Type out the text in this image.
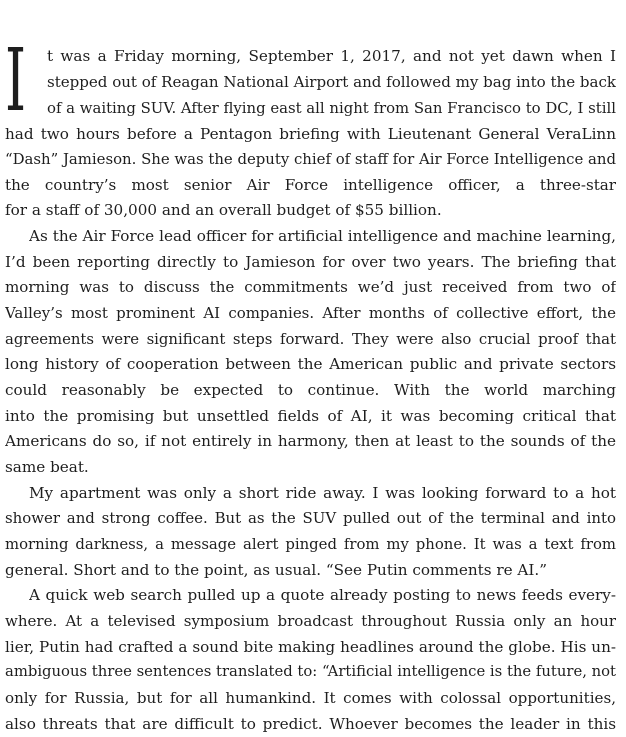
I t was a Friday morning, September 1, 2017, and not yet dawn when I
stepped out of Reagan National Airport and followed my bag into the back
of a waiting SUV. After flying east all night from San Francisco to DC, I still
had two hours before a Pentagon briefing with Lieutenant General VeraLinn
“Dash” Jamieson. She was the deputy chief of staff for Air Force Intelligence and
the country’s most senior Air Force intelligence officer, a three-star
for a staff of 30,000 and an overall budget of $55 billion.
As the Air Force lead officer for artificial intelligence and machine learning,
I’d been reporting directly to Jamieson for over two years. The briefing that
morning was to discuss the commitments we’d just received from two of
Valley’s most prominent AI companies. After months of collective effort, the
agreements were significant steps forward. They were also crucial proof that
long history of cooperation between the American public and private sectors
could reasonably be expected to continue. With the world marching
into the promising but unsettled fields of AI, it was becoming critical that
Americans do so, if not entirely in harmony, then at least to the sounds of the
same beat.
My apartment was only a short ride away. I was looking forward to a hot
shower and strong coffee. But as the SUV pulled out of the terminal and into
morning darkness, a message alert pinged from my phone. It was a text from
general. Short and to the point, as usual. “See Putin comments re AI.”
A quick web search pulled up a quote already posting to news feeds every-
where. At a televised symposium broadcast throughout Russia only an hour
lier, Putin had crafted a sound bite making headlines around the globe. His un-
ambiguous three sentences translated to: “Artificial intelligence is the future, not
only for Russia, but for all humankind. It comes with colossal opportunities,
also threats that are difficult to predict. Whoever becomes the leader in this
